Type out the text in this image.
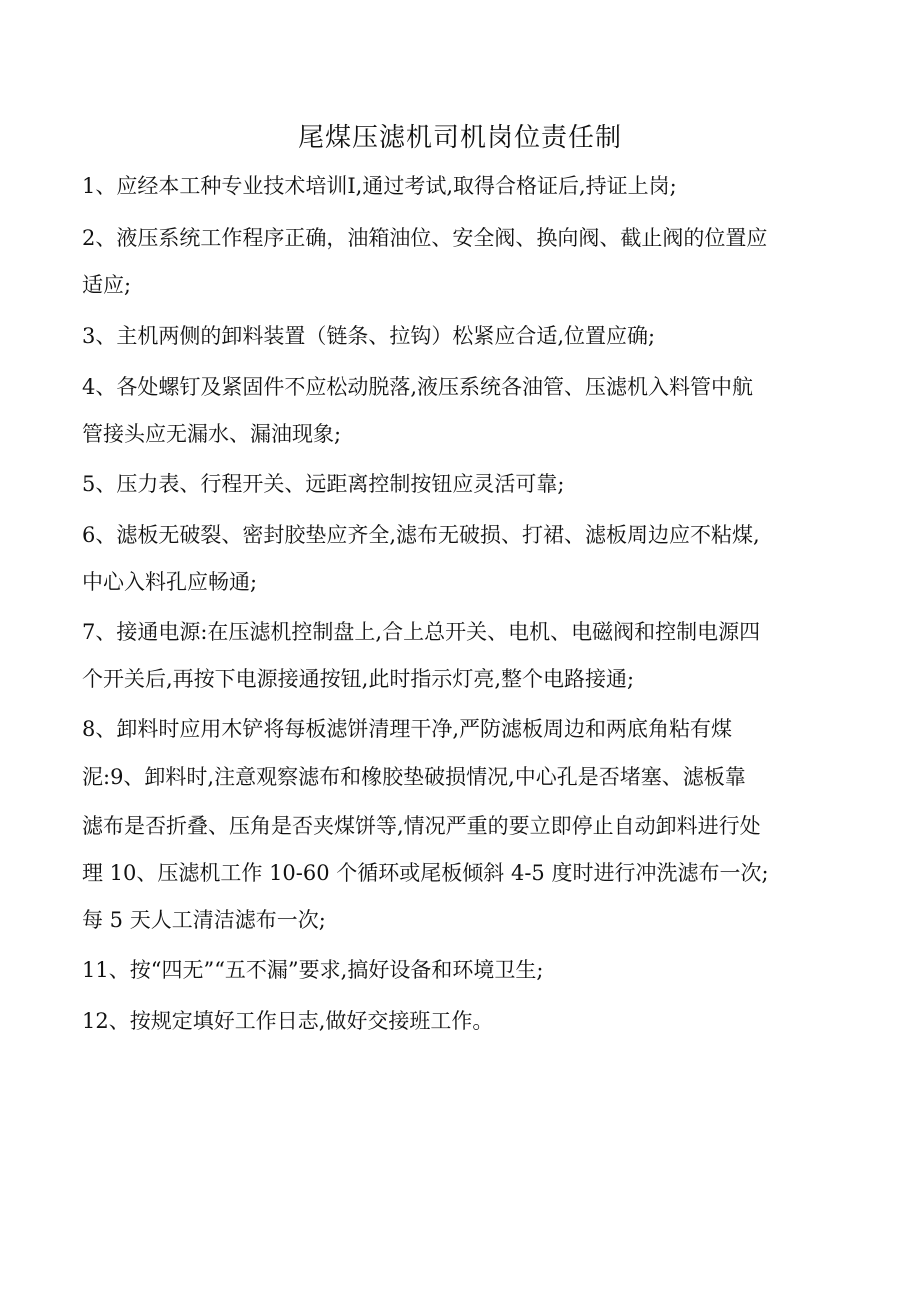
尾煤压滤机司机岗位责任制
1、应经本工种专业技术培训I,通过考试,取得合格证后,持证上岗;
2、液压系统工作程序正确，油箱油位、安全阀、换向阀、截止阀的位置应
适应;
3、主机两侧的卸料装置（链条、拉钩）松紧应合适,位置应确;
4、各处螺钉及紧固件不应松动脱落,液压系统各油管、压滤机入料管中航
管接头应无漏水、漏油现象;
5、压力表、行程开关、远距离控制按钮应灵活可靠;
6、滤板无破裂、密封胶垫应齐全,滤布无破损、打裙、滤板周边应不粘煤,
中心入料孔应畅通;
7、接通电源:在压滤机控制盘上,合上总开关、电机、电磁阀和控制电源四
个开关后,再按下电源接通按钮,此时指示灯亮,整个电路接通;
8、卸料时应用木铲将每板滤饼清理干净,严防滤板周边和两底角粘有煤
泥:9、卸料时,注意观察滤布和橡胶垫破损情况,中心孔是否堵塞、滤板靠
滤布是否折叠、压角是否夹煤饼等,情况严重的要立即停止自动卸料进行处
理 10、压滤机工作 10-60 个循环或尾板倾斜 4-5 度时进行冲洗滤布一次;
每 5 天人工清洁滤布一次;
11、按“四无”“五不漏”要求,搞好设备和环境卫生;
12、按规定填好工作日志,做好交接班工作。
